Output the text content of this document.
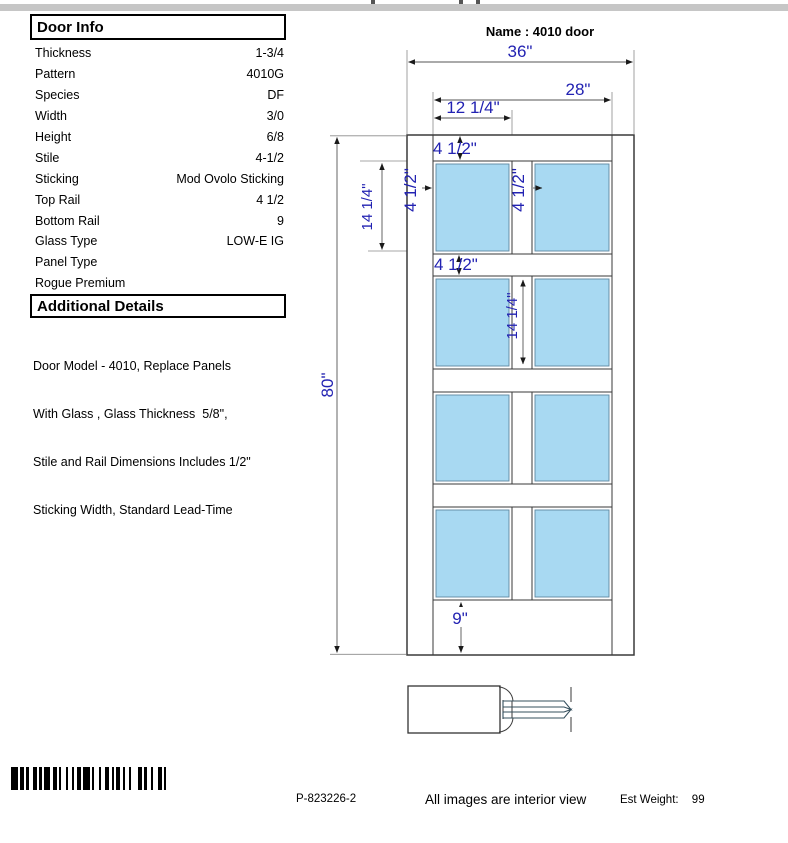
Door Info
Thickness	1-3/4
Pattern	4010G
Species	DF
Width	3/0
Height	6/8
Stile	4-1/2
Sticking	Mod Ovolo Sticking
Top Rail	4 1/2
Bottom Rail	9
Glass Type	LOW-E IG
Panel Type
Rogue Premium
Additional Details

Door Model - 4010, Replace Panels

With Glass , Glass Thickness  5/8",

Stile and Rail Dimensions Includes 1/2"

Sticking Width, Standard Lead-Time

Name : 4010 door
36"
28"
12 1/4"
4 1/2"
4 1/2"	4 1/2"
14 1/4"
4 1/2"
14 1/4"
80"
9"
P-823226-2	All images are interior view	Est Weight: 99
